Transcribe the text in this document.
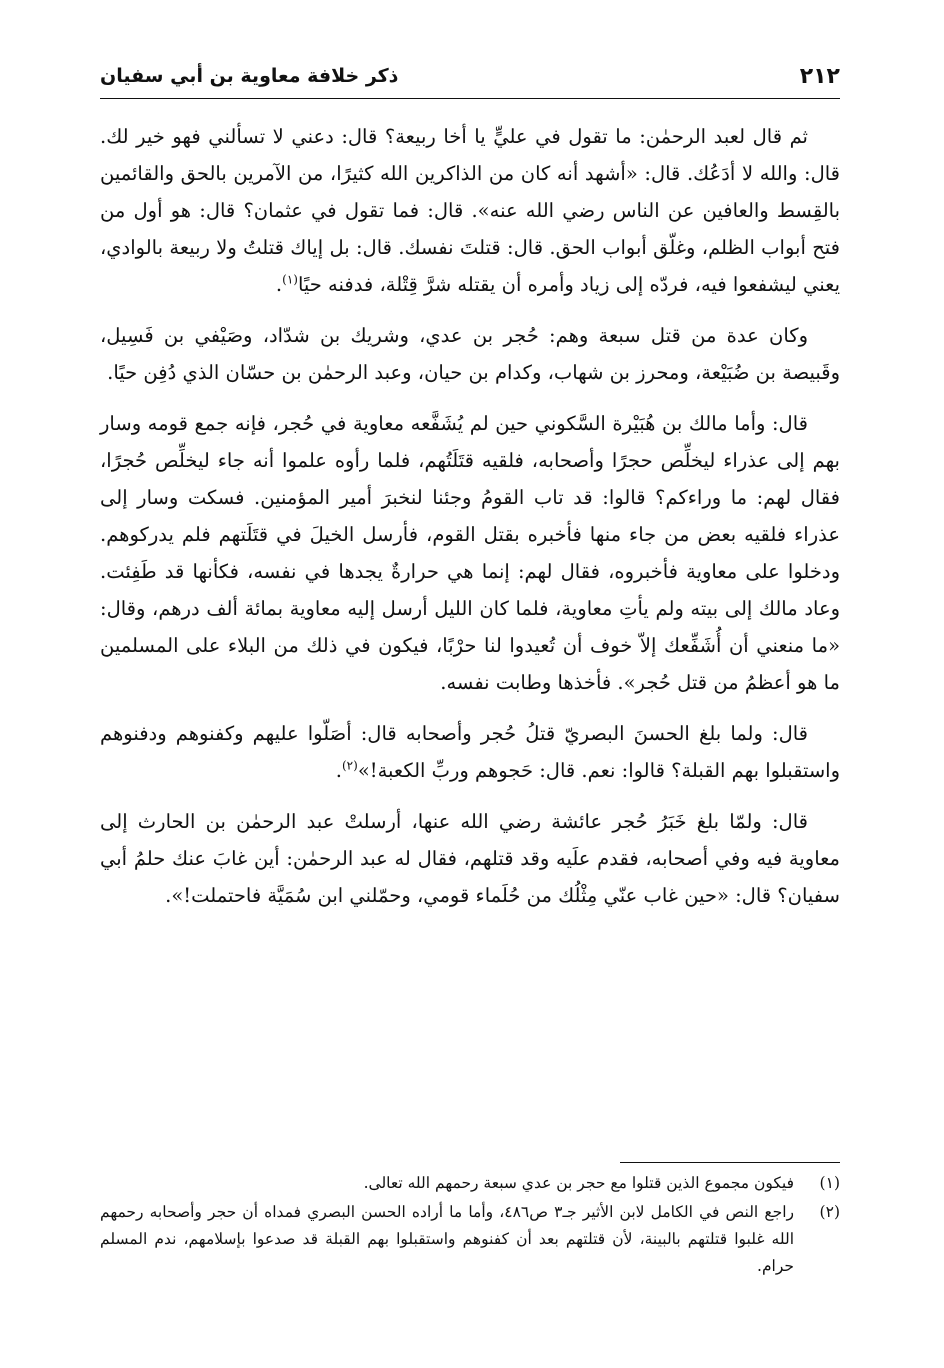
٢١٢
ذكر خلافة معاوية بن أبي سفيان

ثم قال لعبد الرحمٰن: ما تقول في عليٍّ يا أخا ربيعة؟ قال: دعني لا تسألني فهو خير لك. قال: والله لا أدَعُك. قال: «أشهد أنه كان من الذاكرين الله كثيرًا، من الآمرين بالحق والقائمين بالقِسط والعافين عن الناس رضي الله عنه». قال: فما تقول في عثمان؟ قال: هو أول من فتح أبواب الظلم، وغلّق أبواب الحق. قال: قتلتَ نفسك. قال: بل إياك قتلتُ ولا ربيعة بالوادي، يعني ليشفعوا فيه، فردّه إلى زياد وأمره أن يقتله شرَّ قِتْلة، فدفنه حيًا$^{(١)}$.

وكان عدة من قتل سبعة وهم: حُجر بن عدي، وشريك بن شدّاد، وصَيْفي بن فَسِيل، وقَبيصة بن ضُبَيْعة، ومحرز بن شهاب، وكدام بن حيان، وعبد الرحمٰن بن حسّان الذي دُفِن حيًا.

قال: وأما مالك بن هُبَيْرة السَّكوني حين لم يُشَفَّعه معاوية في حُجر، فإنه جمع قومه وسار بهم إلى عذراء ليخلِّص حجرًا وأصحابه، فلقيه قتَلَتُهم، فلما رأوه علموا أنه جاء ليخلِّص حُجرًا، فقال لهم: ما وراءكم؟ قالوا: قد تاب القومُ وجئنا لنخبرَ أمير المؤمنين. فسكت وسار إلى عذراء فلقيه بعض من جاء منها فأخبره بقتل القوم، فأرسل الخيلَ في قتَلَتهم فلم يدركوهم. ودخلوا على معاوية فأخبروه، فقال لهم: إنما هي حرارةٌ يجدها في نفسه، فكأنها قد طَفِئت. وعاد مالك إلى بيته ولم يأتِ معاوية، فلما كان الليل أرسل إليه معاوية بمائة ألف درهم، وقال: «ما منعني أن أُشَفِّعك إلاّ خوف أن تُعيدوا لنا حرْبًا، فيكون في ذلك من البلاء على المسلمين ما هو أعظمُ من قتل حُجر». فأخذها وطابت نفسه.

قال: ولما بلغ الحسنَ البصريّ قتلُ حُجر وأصحابه قال: أصَلّوا عليهم وكفنوهم ودفنوهم واستقبلوا بهم القبلة؟ قالوا: نعم. قال: حَجوهم وربِّ الكعبة!»$^{(٢)}$.

قال: ولمّا بلغ خَبَرُ حُجر عائشة رضي الله عنها، أرسلتْ عبد الرحمٰن بن الحارث إلى معاوية فيه وفي أصحابه، فقدم علَيه وقد قتلهم، فقال له عبد الرحمٰن: أين غابَ عنك حلمُ أبي سفيان؟ قال: «حين غاب عنّي مِثْلُك من حُلَماء قومي، وحمّلني ابن سُمَيَّة فاحتملت!».

(١)
فيكون مجموع الذين قتلوا مع حجر بن عدي سبعة رحمهم الله تعالى.
(٢)
راجع النص في الكامل لابن الأثير جـ٣ ص٤٨٦، وأما ما أراده الحسن البصري فمداه أن حجر وأصحابه رحمهم الله غلبوا قتلتهم بالبينة، لأن قتلتهم بعد أن كفنوهم واستقبلوا بهم القبلة قد صدعوا بإسلامهم، ندم المسلم حرام.
